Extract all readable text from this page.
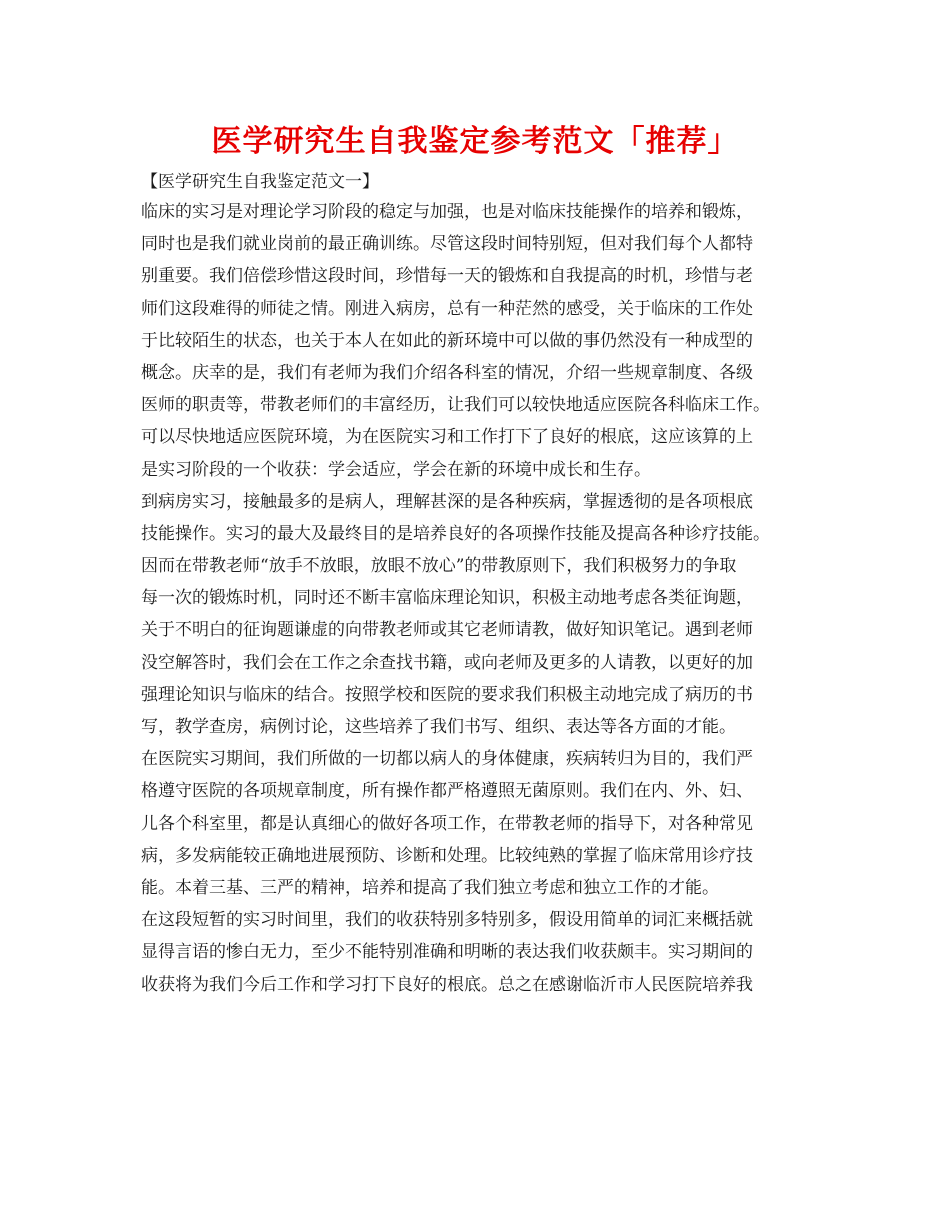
医学研究生自我鉴定参考范文「推荐」
【医学研究生自我鉴定范文一】
临床的实习是对理论学习阶段的稳定与加强，也是对临床技能操作的培养和锻炼，
同时也是我们就业岗前的最正确训练。尽管这段时间特别短，但对我们每个人都特
别重要。我们倍偿珍惜这段时间，珍惜每一天的锻炼和自我提高的时机，珍惜与老
师们这段难得的师徒之情。刚进入病房，总有一种茫然的感受，关于临床的工作处
于比较陌生的状态，也关于本人在如此的新环境中可以做的事仍然没有一种成型的
概念。庆幸的是，我们有老师为我们介绍各科室的情况，介绍一些规章制度、各级
医师的职责等，带教老师们的丰富经历，让我们可以较快地适应医院各科临床工作。
可以尽快地适应医院环境，为在医院实习和工作打下了良好的根底，这应该算的上
是实习阶段的一个收获：学会适应，学会在新的环境中成长和生存。
到病房实习，接触最多的是病人，理解甚深的是各种疾病，掌握透彻的是各项根底
技能操作。实习的最大及最终目的是培养良好的各项操作技能及提高各种诊疗技能。
因而在带教老师“放手不放眼，放眼不放心”的带教原则下，我们积极努力的争取
每一次的锻炼时机，同时还不断丰富临床理论知识，积极主动地考虑各类征询题，
关于不明白的征询题谦虚的向带教老师或其它老师请教，做好知识笔记。遇到老师
没空解答时，我们会在工作之余查找书籍，或向老师及更多的人请教，以更好的加
强理论知识与临床的结合。按照学校和医院的要求我们积极主动地完成了病历的书
写，教学查房，病例讨论，这些培养了我们书写、组织、表达等各方面的才能。
在医院实习期间，我们所做的一切都以病人的身体健康，疾病转归为目的，我们严
格遵守医院的各项规章制度，所有操作都严格遵照无菌原则。我们在内、外、妇、
儿各个科室里，都是认真细心的做好各项工作，在带教老师的指导下，对各种常见
病，多发病能较正确地进展预防、诊断和处理。比较纯熟的掌握了临床常用诊疗技
能。本着三基、三严的精神，培养和提高了我们独立考虑和独立工作的才能。
在这段短暂的实习时间里，我们的收获特别多特别多，假设用简单的词汇来概括就
显得言语的惨白无力，至少不能特别准确和明晰的表达我们收获颇丰。实习期间的
收获将为我们今后工作和学习打下良好的根底。总之在感谢临沂市人民医院培养我
